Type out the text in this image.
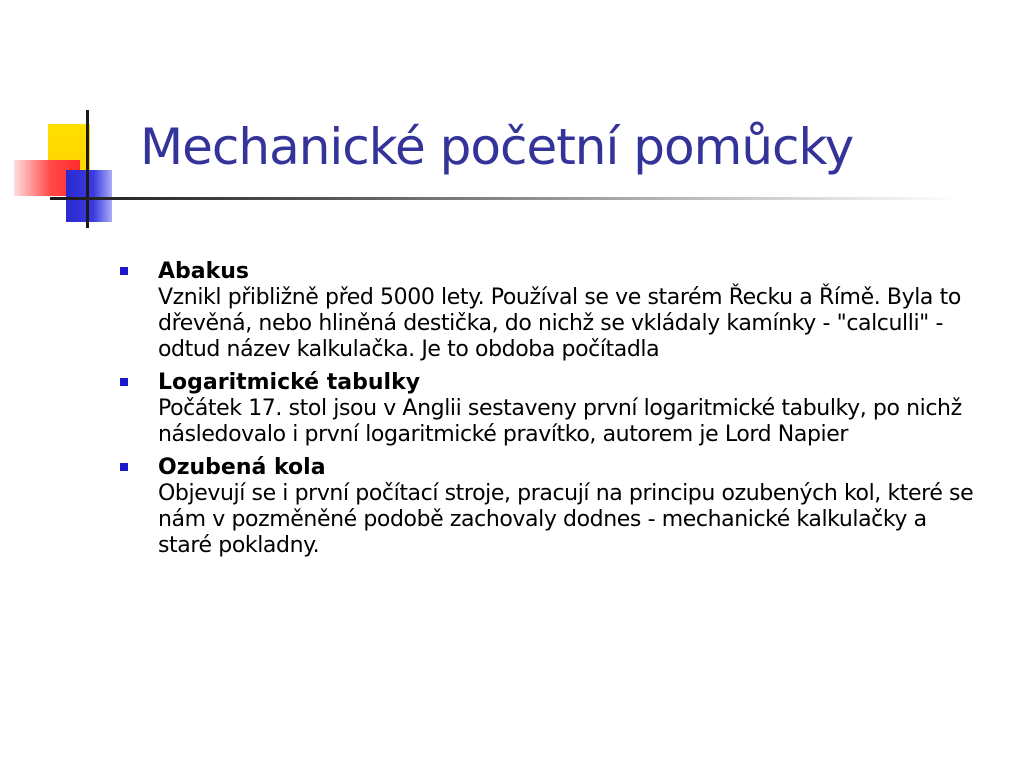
Mechanické početní pomůcky
Abakus
Vznikl přibližně před 5000 lety. Používal se ve starém Řecku a Římě. Byla to dřevěná, nebo hliněná destička, do nichž se vkládaly kamínky - "calculli" - odtud název kalkulačka. Je to obdoba počítadla
Logaritmické tabulky
Počátek 17. stol jsou v Anglii sestaveny první logaritmické tabulky, po nichž následovalo i první logaritmické pravítko, autorem je Lord Napier
Ozubená kola
Objevují se i první počítací stroje, pracují na principu ozubených kol, které se nám v pozměněné podobě zachovaly dodnes - mechanické kalkulačky a staré pokladny.
